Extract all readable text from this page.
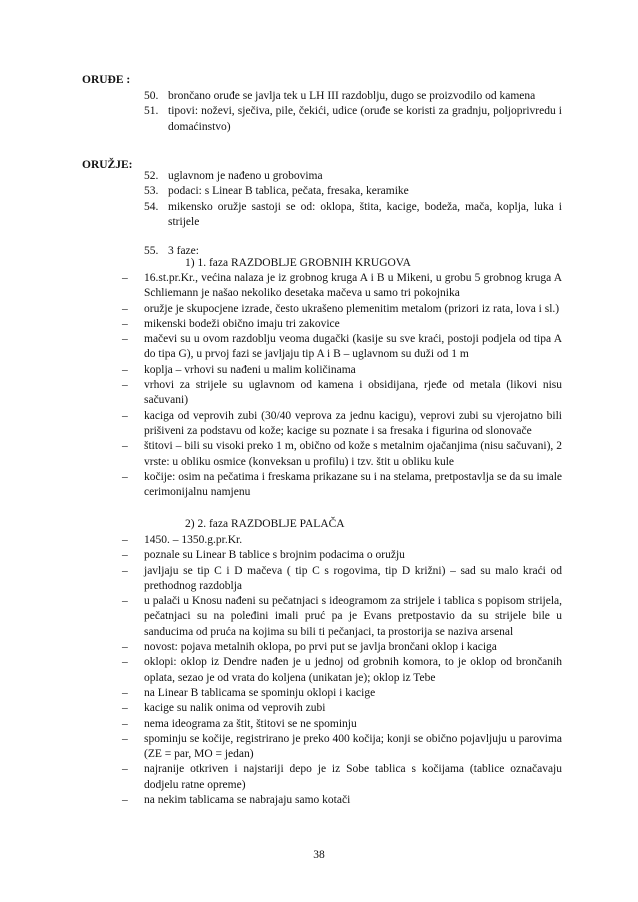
ORUĐE :
50. brončano oruđe se javlja tek u LH III razdoblju, dugo se proizvodilo od kamena
51. tipovi: noževi, sječiva, pile, čekići, udice (oruđe se koristi za gradnju, poljoprivredu i domaćinstvo)
ORUŽJE:
52. uglavnom je nađeno u grobovima
53. podaci: s Linear B tablica, pečata, fresaka, keramike
54. mikensko oružje sastoji se od: oklopa, štita, kacige, bodeža, mača, koplja, luka i strijele
55. 3 faze:
1) 1. faza RAZDOBLJE GROBNIH KRUGOVA
– 16.st.pr.Kr., većina nalaza je iz grobnog kruga A i B u Mikeni, u grobu 5 grobnog kruga A Schliemann je našao nekoliko desetaka mačeva u samo tri pokojnika
– oružje je skupocjene izrade, često ukrašeno plemenitim metalom (prizori iz rata, lova i sl.)
– mikenski bodeži obično imaju tri zakovice
– mačevi su u ovom razdoblju veoma dugački (kasije su sve kraći, postoji podjela od tipa A do tipa G), u prvoj fazi se javljaju tip A i B – uglavnom su duži od 1 m
– koplja – vrhovi su nađeni u malim količinama
– vrhovi za strijele su uglavnom od kamena i obsidijana, rjeđe od metala (likovi nisu sačuvani)
– kaciga od veprovih zubi (30/40 veprova za jednu kacigu), veprovi zubi su vjerojatno bili prišiveni za podstavu od kože; kacige su poznate i sa fresaka i figurina od slonovače
– štitovi – bili su visoki preko 1 m, obično od kože s metalnim ojačanjima (nisu sačuvani), 2 vrste: u obliku osmice (konveksan u profilu) i tzv. štit u obliku kule
– kočije: osim na pečatima i freskama prikazane su i na stelama, pretpostavlja se da su imale cerimonijalnu namjenu
2) 2. faza RAZDOBLJE PALAČA
– 1450. – 1350.g.pr.Kr.
– poznale su Linear B tablice s brojnim podacima o oružju
– javljaju se tip C i D mačeva ( tip C s rogovima, tip D križni) – sad su malo kraći od prethodnog razdoblja
– u palači u Knosu nađeni su pečatnjaci s ideogramom za strijele i tablica s popisom strijela, pečatnjaci su na poleđini imali pruć pa je Evans pretpostavio da su strijele bile u sanducima od pruća na kojima su bili ti pečanjaci, ta prostorija se naziva arsenal
– novost: pojava metalnih oklopa, po prvi put se javlja brončani oklop i kaciga
– oklopi: oklop iz Dendre nađen je u jednoj od grobnih komora, to je oklop od brončanih oplata, sezao je od vrata do koljena (unikatan je); oklop iz Tebe
– na Linear B tablicama se spominju oklopi i kacige
– kacige su nalik onima od veprovih zubi
– nema ideograma za štit, štitovi se ne spominju
– spominju se kočije, registrirano je preko 400 kočija; konji se obično pojavljuju u parovima (ZE = par, MO = jedan)
– najranije otkriven i najstariji depo je iz Sobe tablica s kočijama (tablice označavaju dodjelu ratne opreme)
– na nekim tablicama se nabrajaju samo kotači
38
